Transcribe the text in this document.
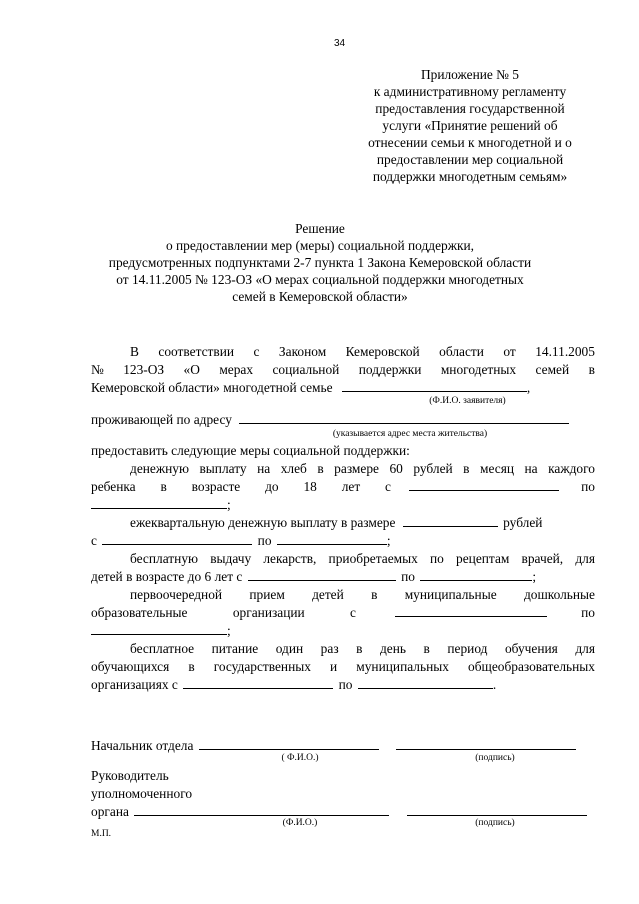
34
Приложение № 5
к административному регламенту
предоставления государственной
услуги «Принятие решений об
отнесении семьи к многодетной и о
предоставлении мер социальной
поддержки многодетным семьям»
Решение
о предоставлении мер (меры) социальной поддержки,
предусмотренных подпунктами 2-7 пункта 1 Закона Кемеровской области
от 14.11.2005 № 123-ОЗ «О мерах социальной поддержки многодетных
семей в Кемеровской области»
В соответствии с Законом Кемеровской области от 14.11.2005
№ 123-ОЗ «О мерах социальной поддержки многодетных семей в
Кемеровской области» многодетной семье	,
(Ф.И.О. заявителя)
проживающей по адресу
(указывается адрес места жительства)
предоставить следующие меры социальной поддержки:
денежную выплату на хлеб в размере 60 рублей в месяц на каждого
ребенка в возрасте до 18 лет с
	по
;
ежеквартальную денежную выплату в размере	рублей
с	по	;
бесплатную выдачу лекарств, приобретаемых по рецептам врачей, для
детей в возрасте до 6 лет с	по	;
первоочередной прием детей в муниципальные дошкольные
образовательные	организации	с
	по
;
бесплатное питание один раз в день в период обучения для
обучающихся в государственных и муниципальных общеобразовательных
организациях с	по	.
Начальник отдела
( Ф.И.О.)	(подпись)
Руководитель
уполномоченного
органа
(Ф.И.О.)	(подпись)
М.П.
